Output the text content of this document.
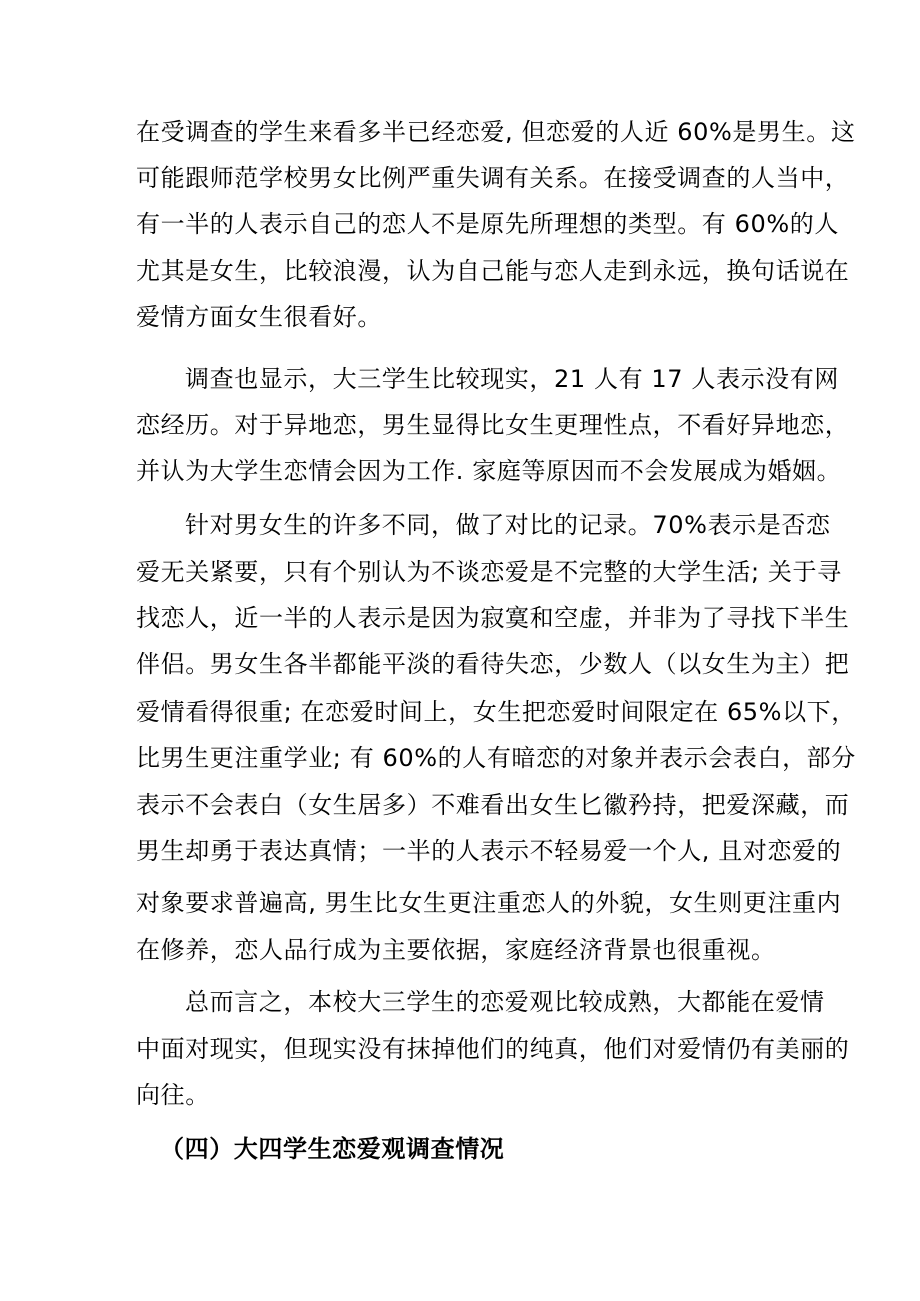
在受调查的学生来看多半已经恋爱, 但恋爱的人近 60%是男生。这
可能跟师范学校男女比例严重失调有关系。在接受调查的人当中，
有一半的人表示自己的恋人不是原先所理想的类型。有 60%的人
尤其是女生，比较浪漫，认为自己能与恋人走到永远，换句话说在
爱情方面女生很看好。
调查也显示，大三学生比较现实，21 人有 17 人表示没有网
恋经历。对于异地恋，男生显得比女生更理性点，不看好异地恋，
并认为大学生恋情会因为工作. 家庭等原因而不会发展成为婚姻。
针对男女生的许多不同，做了对比的记录。70%表示是否恋
爱无关紧要，只有个别认为不谈恋爱是不完整的大学生活; 关于寻
找恋人，近一半的人表示是因为寂寞和空虚，并非为了寻找下半生
伴侣。男女生各半都能平淡的看待失恋，少数人（以女生为主）把
爱情看得很重; 在恋爱时间上，女生把恋爱时间限定在 65%以下，
比男生更注重学业; 有 60%的人有暗恋的对象并表示会表白，部分
表示不会表白（女生居多）不难看出女生匕徽矜持，把爱深藏，而
男生却勇于表达真情；一半的人表示不轻易爱一个人, 且对恋爱的
对象要求普遍高, 男生比女生更注重恋人的外貌，女生则更注重内
在修养，恋人品行成为主要依据，家庭经济背景也很重视。
总而言之，本校大三学生的恋爱观比较成熟，大都能在爱情
中面对现实，但现实没有抹掉他们的纯真，他们对爱情仍有美丽的
向往。
（四）大四学生恋爱观调查情况
